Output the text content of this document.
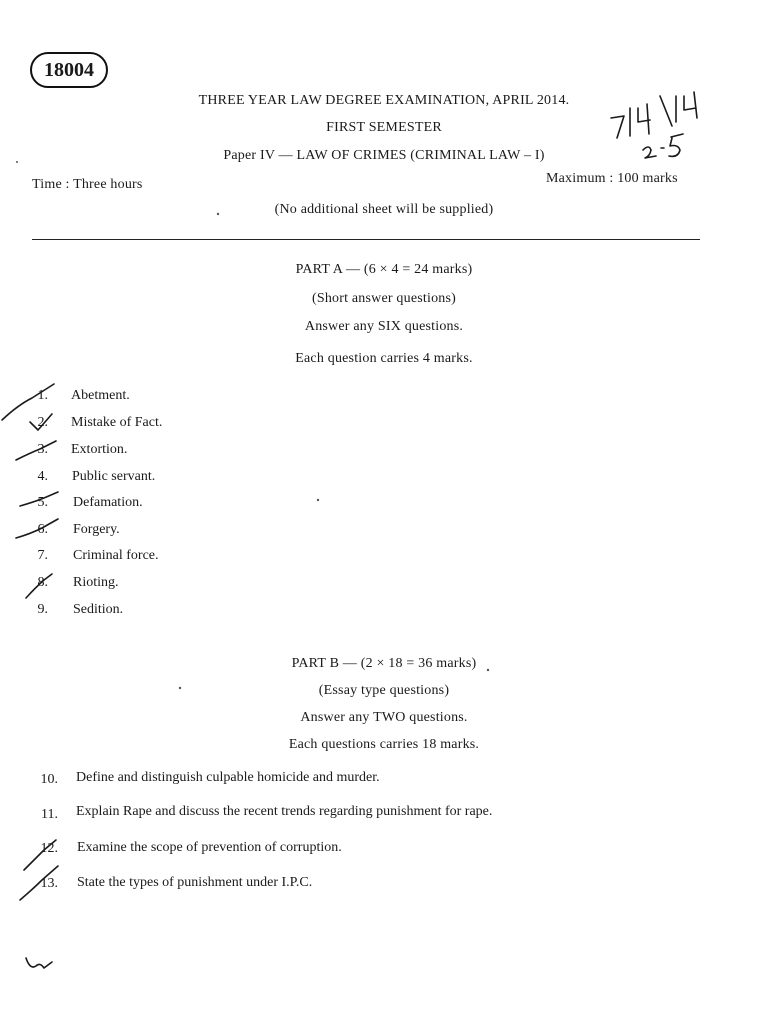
18004
THREE YEAR LAW DEGREE EXAMINATION, APRIL 2014.
FIRST SEMESTER
Paper IV — LAW OF CRIMES (CRIMINAL LAW – I)
Time : Three hours	Maximum : 100 marks
(No additional sheet will be supplied)
PART A — (6 × 4 = 24 marks)
(Short answer questions)
Answer any SIX questions.
Each question carries 4 marks.
1. Abetment.
2. Mistake of Fact.
3. Extortion.
4. Public servant.
5. Defamation.
6. Forgery.
7. Criminal force.
8. Rioting.
9. Sedition.
PART B — (2 × 18 = 36 marks)
(Essay type questions)
Answer any TWO questions.
Each questions carries 18 marks.
10. Define and distinguish culpable homicide and murder.
11. Explain Rape and discuss the recent trends regarding punishment for rape.
12. Examine the scope of prevention of corruption.
13. State the types of punishment under I.P.C.
